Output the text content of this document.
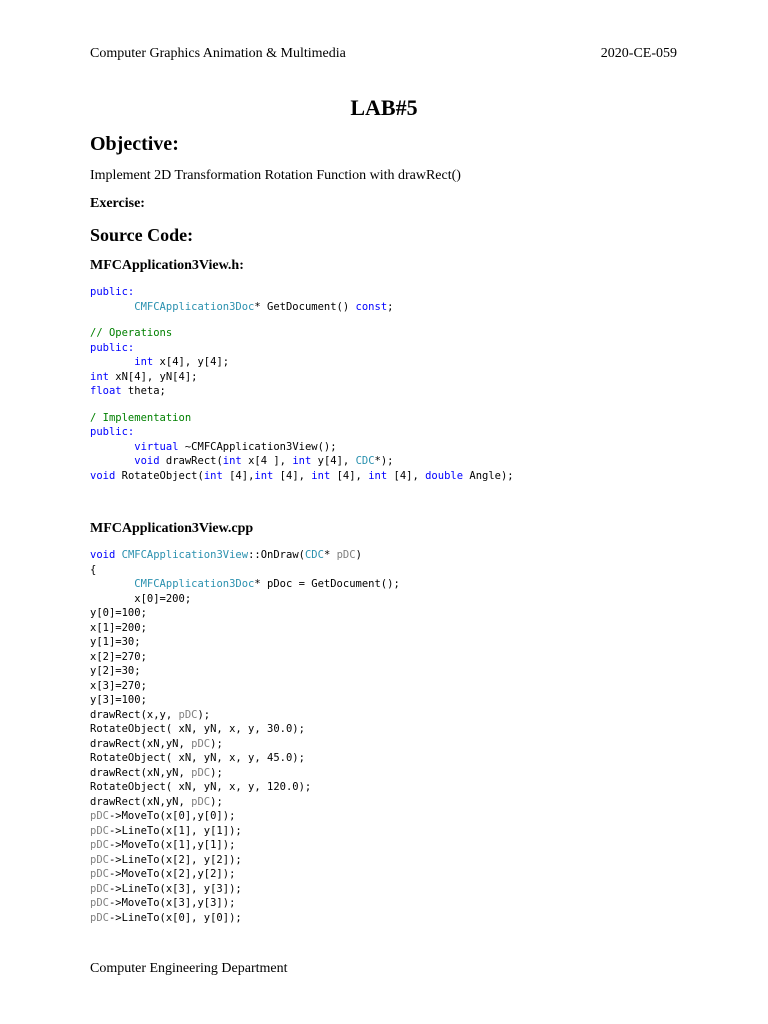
Computer Graphics Animation & Multimedia	2020-CE-059
LAB#5
Objective:
Implement 2D Transformation Rotation Function with drawRect()
Exercise:
Source Code:
MFCApplication3View.h:
public:
CMFCApplication3Doc* GetDocument() const;
// Operations
public:
int x[4], y[4];
int xN[4], yN[4];
float theta;
/ Implementation
public:
virtual ~CMFCApplication3View();
void drawRect(int x[4 ], int y[4], CDC*);
void RotateObject(int [4],int [4], int [4], int [4], double Angle);
MFCApplication3View.cpp
void CMFCApplication3View::OnDraw(CDC* pDC)
{
CMFCApplication3Doc* pDoc = GetDocument();
x[0]=200;
y[0]=100;
x[1]=200;
y[1]=30;
x[2]=270;
y[2]=30;
x[3]=270;
y[3]=100;
drawRect(x,y, pDC);
RotateObject( xN, yN, x, y, 30.0);
drawRect(xN,yN, pDC);
RotateObject( xN, yN, x, y, 45.0);
drawRect(xN,yN, pDC);
RotateObject( xN, yN, x, y, 120.0);
drawRect(xN,yN, pDC);
pDC->MoveTo(x[0],y[0]);
pDC->LineTo(x[1], y[1]);
pDC->MoveTo(x[1],y[1]);
pDC->LineTo(x[2], y[2]);
pDC->MoveTo(x[2],y[2]);
pDC->LineTo(x[3], y[3]);
pDC->MoveTo(x[3],y[3]);
pDC->LineTo(x[0], y[0]);
Computer Engineering Department
